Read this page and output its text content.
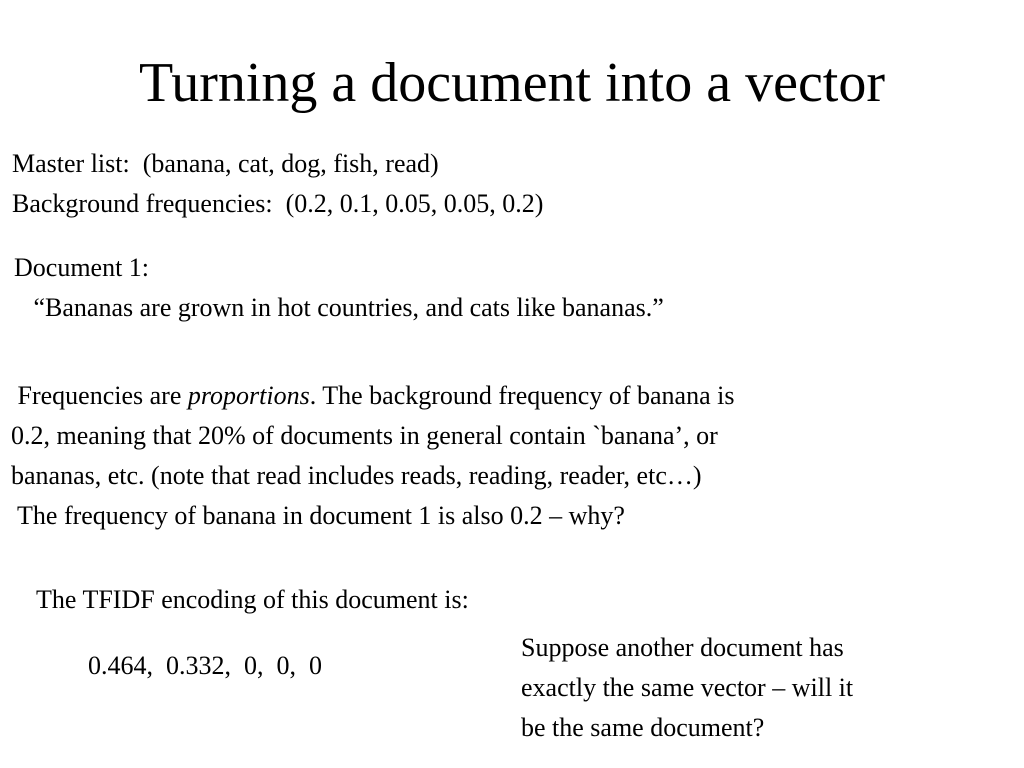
Turning a document into a vector
Master list:  (banana, cat, dog, fish, read)
Background frequencies:  (0.2, 0.1, 0.05, 0.05, 0.2)
Document 1:
“Bananas are grown in hot countries, and cats like bananas.”
Frequencies are proportions. The background frequency of banana is
0.2, meaning that 20% of documents in general contain `banana’, or
bananas, etc. (note that read includes reads, reading, reader, etc…)
The frequency of banana in document 1 is also 0.2 – why?
The TFIDF encoding of this document is:
0.464,  0.332,  0,  0,  0
Suppose another document has
exactly the same vector – will it
be the same document?
